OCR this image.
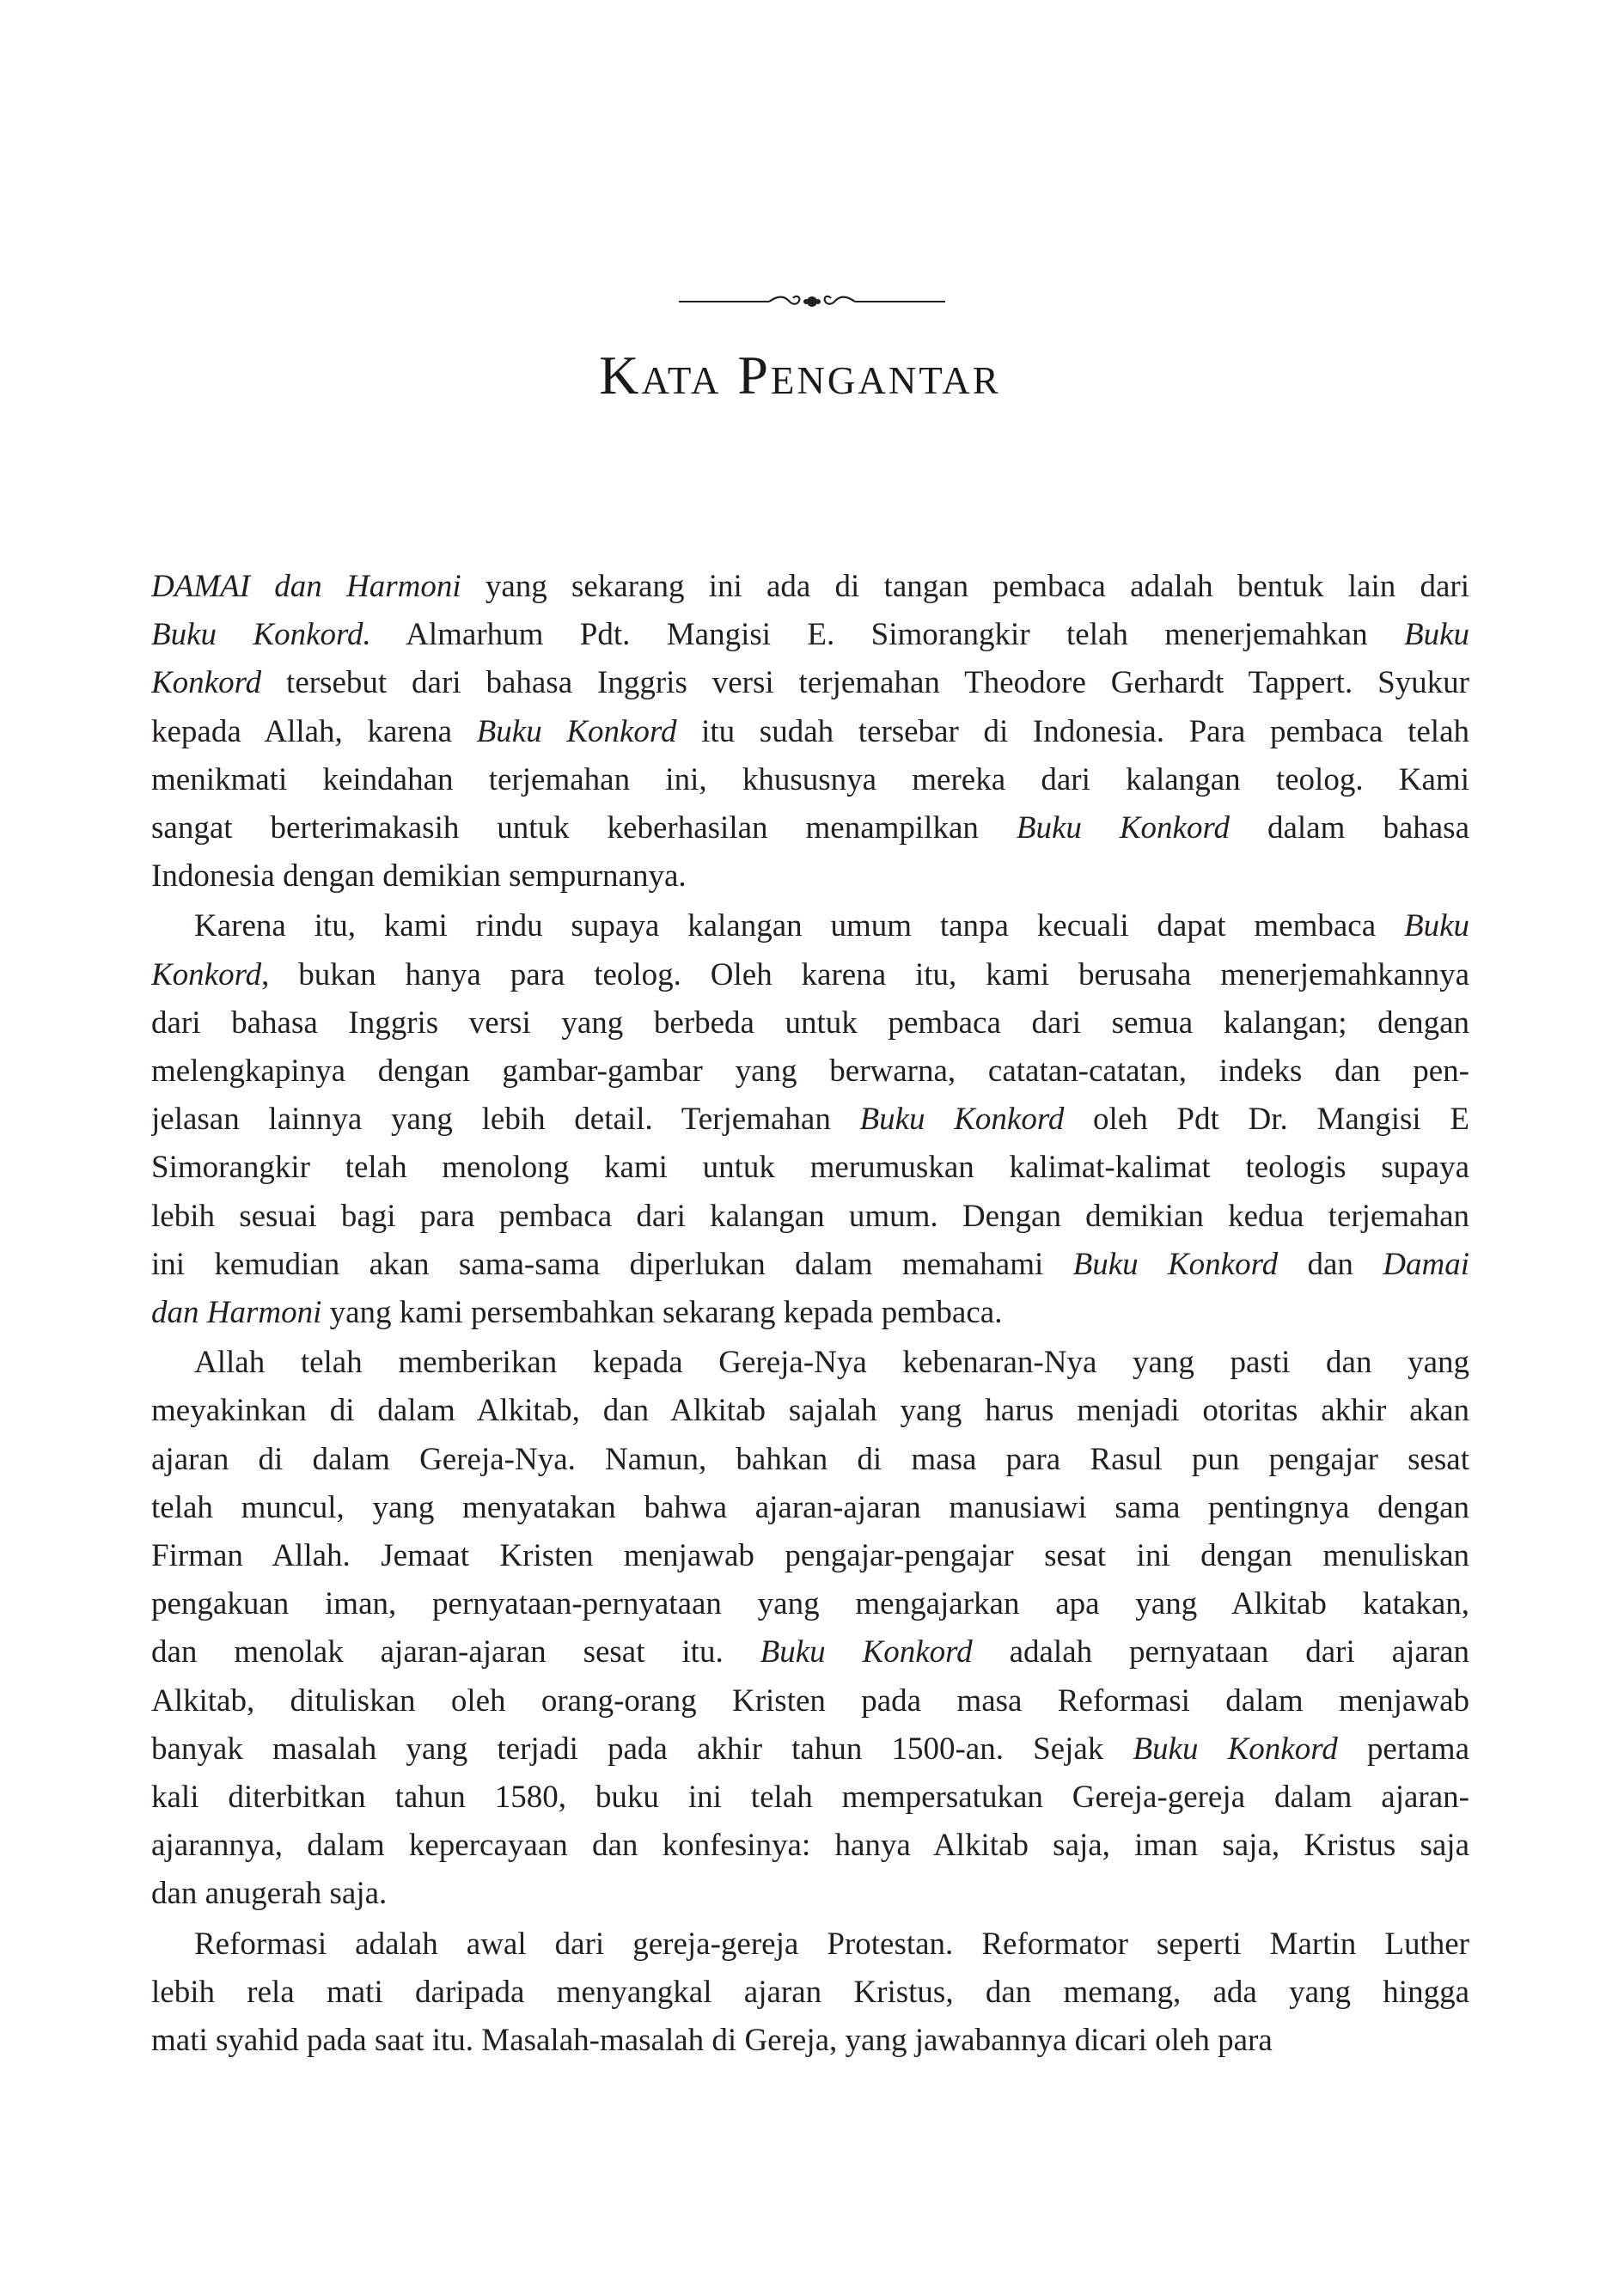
Kata Pengantar
DAMAI dan Harmoni yang sekarang ini ada di tangan pembaca adalah bentuk lain dari
Buku Konkord. Almarhum Pdt. Mangisi E. Simorangkir telah menerjemahkan Buku
Konkord tersebut dari bahasa Inggris versi terjemahan Theodore Gerhardt Tappert. Syukur
kepada Allah, karena Buku Konkord itu sudah tersebar di Indonesia. Para pembaca telah
menikmati keindahan terjemahan ini, khususnya mereka dari kalangan teolog. Kami
sangat berterimakasih untuk keberhasilan menampilkan Buku Konkord dalam bahasa
Indonesia dengan demikian sempurnanya.
Karena itu, kami rindu supaya kalangan umum tanpa kecuali dapat membaca Buku
Konkord, bukan hanya para teolog. Oleh karena itu, kami berusaha menerjemahkannya
dari bahasa Inggris versi yang berbeda untuk pembaca dari semua kalangan; dengan
melengkapinya dengan gambar-gambar yang berwarna, catatan-catatan, indeks dan pen-
jelasan lainnya yang lebih detail. Terjemahan Buku Konkord oleh Pdt Dr. Mangisi E
Simorangkir telah menolong kami untuk merumuskan kalimat-kalimat teologis supaya
lebih sesuai bagi para pembaca dari kalangan umum. Dengan demikian kedua terjemahan
ini kemudian akan sama-sama diperlukan dalam memahami Buku Konkord dan Damai
dan Harmoni yang kami persembahkan sekarang kepada pembaca.
Allah telah memberikan kepada Gereja-Nya kebenaran-Nya yang pasti dan yang
meyakinkan di dalam Alkitab, dan Alkitab sajalah yang harus menjadi otoritas akhir akan
ajaran di dalam Gereja-Nya. Namun, bahkan di masa para Rasul pun pengajar sesat
telah muncul, yang menyatakan bahwa ajaran-ajaran manusiawi sama pentingnya dengan
Firman Allah. Jemaat Kristen menjawab pengajar-pengajar sesat ini dengan menuliskan
pengakuan iman, pernyataan-pernyataan yang mengajarkan apa yang Alkitab katakan,
dan menolak ajaran-ajaran sesat itu. Buku Konkord adalah pernyataan dari ajaran
Alkitab, dituliskan oleh orang-orang Kristen pada masa Reformasi dalam menjawab
banyak masalah yang terjadi pada akhir tahun 1500-an. Sejak Buku Konkord pertama
kali diterbitkan tahun 1580, buku ini telah mempersatukan Gereja-gereja dalam ajaran-
ajarannya, dalam kepercayaan dan konfesinya: hanya Alkitab saja, iman saja, Kristus saja
dan anugerah saja.
Reformasi adalah awal dari gereja-gereja Protestan. Reformator seperti Martin Luther
lebih rela mati daripada menyangkal ajaran Kristus, dan memang, ada yang hingga
mati syahid pada saat itu. Masalah-masalah di Gereja, yang jawabannya dicari oleh para
